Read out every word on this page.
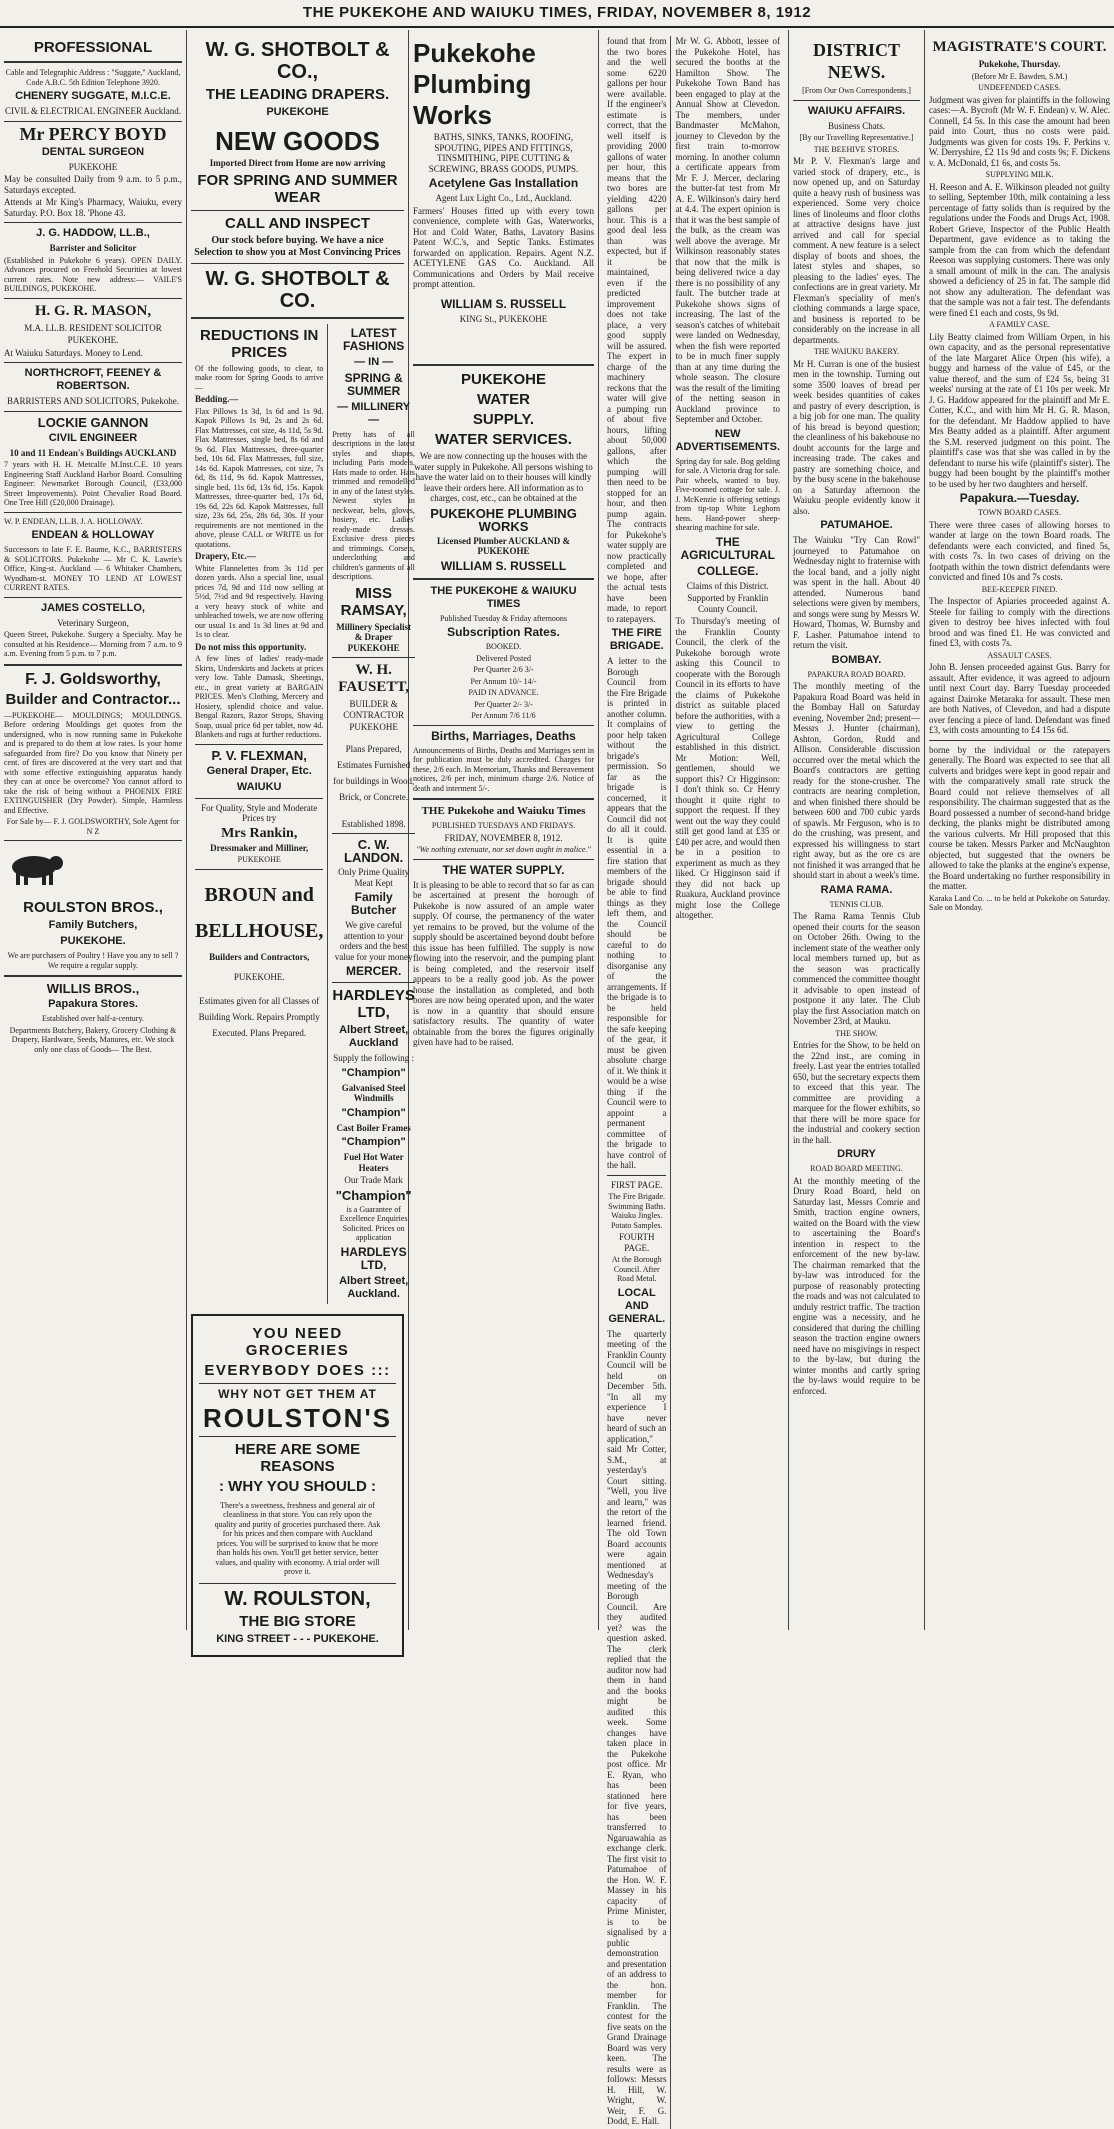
THE PUKEKOHE AND WAIUKU TIMES, FRIDAY, NOVEMBER 8, 1912
PROFESSIONAL
Cable and Telegraphic Address : "Suggate," Auckland, Code A.B.C. 5th Edition Telephone 3920.
CHENERY SUGGATE, M.I.C.E.
CIVIL & ELECTRICAL ENGINEER Auckland.
Mr PERCY BOYD
DENTAL SURGEON
PUKEKOHE
May be consulted Daily from 9 a.m. to 5 p.m., Saturdays excepted.
Attends at Mr King's Pharmacy, Waiuku, every Saturday. P.O. Box 18. 'Phone 43.
J. G. HADDOW, LL.B.,
Barrister and Solicitor
(Established in Pukekohe 6 years). OPEN DAILY. Advances procured on Freehold Securities at lowest current rates. Note new address:— VAILE'S BUILDINGS, PUKEKOHE.
H. G. R. MASON,
M.A. LL.B. RESIDENT SOLICITOR
PUKEKOHE.
At Waiuku Saturdays. Money to Lend.
NORTHCROFT, FEENEY & ROBERTSON.
BARRISTERS AND SOLICITORS, Pukekohe.
LOCKIE GANNON
CIVIL ENGINEER
10 and 11 Endean's Buildings AUCKLAND
7 years with H. H. Metcalfe M.Inst.C.E. 10 years Engineering Staff Auckland Harbor Board. Consulting Engineer: Newmarket Borough Council, (£33,000 Street Improvements). Point Chevalier Road Board. One Tree Hill (£20,000 Drainage).
W. P. ENDEAN, LL.B. J. A. HOLLOWAY.
ENDEAN & HOLLOWAY
Successors to late F. E. Baume, K.C., BARRISTERS & SOLICITORS. Pukekohe — Mr C. K. Lawrie's Office, King-st. Auckland — 6 Whitaker Chambers, Wyndham-st. MONEY TO LEND AT LOWEST CURRENT RATES.
JAMES COSTELLO,
Veterinary Surgeon,
Queen Street, Pukekohe. Surgery a Specialty. May be consulted at his Residence— Morning from 7 a.m. to 9 a.m. Evening from 5 p.m. to 7 p.m.
F. J. Goldsworthy,
Builder and Contractor...
—PUKEKOHE— MOULDINGS; MOULDINGS. Before ordering Mouldings get quotes from the undersigned, who is now running same in Pukekohe and is prepared to do them at low rates. Is your home safeguarded from fire? Do you know that Ninety per cent. of fires are discovered at the very start and that with some effective extinguishing apparatus handy they can at once be overcome? You cannot afford to take the risk of being without a PHOENIX FIRE EXTINGUISHER (Dry Powder). Simple, Harmless and Effective.
For Sale by— F. J. GOLDSWORTHY, Sole Agent for N Z
ROULSTON BROS.,
Family Butchers,
PUKEKOHE.
We are purchasers of Poultry ! Have you any to sell ? We require a regular supply.
WILLIS BROS.,
Papakura Stores.
Established over half-a-century.
Departments Butchery, Bakery, Grocery Clothing & Drapery, Hardware, Seeds, Manures, etc. We stock only one class of Goods— The Best.
W. G. SHOTBOLT & CO.,
THE LEADING DRAPERS.
PUKEKOHE
NEW GOODS
Imported Direct from Home are now arriving
FOR SPRING AND SUMMER WEAR
CALL AND INSPECT
Our stock before buying. We have a nice Selection to show you at Most Convincing Prices
W. G. SHOTBOLT & CO.
REDUCTIONS IN PRICES
Of the following goods, to clear, to make room for Spring Goods to arrive—
Bedding.—
Flax Pillows 1s 3d, 1s 6d and 1s 9d. Kapok Pillows 1s 9d, 2s and 2s 6d. Flax Mattresses, cot size, 4s 11d, 5s 9d. Flax Mattresses, single bed, 8s 6d and 9s 6d. Flax Mattresses, three-quarter bed, 10s 6d. Flax Mattresses, full size, 14s 6d. Kapok Mattresses, cot size, 7s 6d, 8s 11d, 9s 6d. Kapok Mattresses, single bed, 11s 6d, 13s 6d, 15s. Kapok Mattresses, three-quarter bed, 17s 6d, 19s 6d, 22s 6d. Kapok Mattresses, full size, 23s 6d, 25s, 28s 6d, 30s. If your requirements are not mentioned in the above, please CALL or WRITE us for quotations.
Drapery, Etc.—
White Flannelettes from 3s 11d per dozen yards. Also a special line, usual prices 7d, 9d and 11d now selling at 5½d, 7½d and 9d respectively. Having a very heavy stock of white and unbleached towels, we are now offering our usual 1s and 1s 3d lines at 9d and 1s to clear.
Do not miss this opportunity.
A few lines of ladies' ready-made Skirts, Underskirts and Jackets at prices very low. Table Damask, Sheetings, etc., in great variety at BARGAIN PRICES. Men's Clothing, Mercery and Hosiery, splendid choice and value. Bengal Razors, Razor Strops, Shaving Soap, usual price 6d per tablet, now 4d. Blankets and rugs at further reductions.
P. V. FLEXMAN,
General Draper, Etc.
WAIUKU
For Quality, Style and Moderate Prices try
Mrs Rankin,
Dressmaker and Milliner,
PUKEKOHE
BROUN and
BELLHOUSE,
Builders and Contractors,
PUKEKOHE.
Estimates given for all Classes of Building Work. Repairs Promptly Executed. Plans Prepared.
LATEST FASHIONS
— IN —
SPRING & SUMMER
— MILLINERY —
Pretty hats of all descriptions in the latest styles and shapes, including Paris models. Hats made to order. Hats trimmed and remodelled in any of the latest styles. Newest styles in neckwear, belts, gloves, hosiery, etc. Ladies' ready-made dresses. Exclusive dress pieces and trimmings. Corsets, underclothing and children's garments of all descriptions.
MISS RAMSAY,
Millinery Specialist & Draper PUKEKOHE
W. H. FAUSETT,
BUILDER & CONTRACTOR
PUKEKOHE
Plans Prepared, Estimates Furnished for buildings in Wood, Brick, or Concrete.
Established 1898.
C. W. LANDON.
Only Prime Quality Meat Kept
Family Butcher
We give careful attention to your orders and the best value for your money
MERCER.
HARDLEYS LTD,
Albert Street, Auckland
Supply the following :
"Champion"
Galvanised Steel Windmills
"Champion"
Cast Boiler Frames
"Champion"
Fuel Hot Water Heaters
Our Trade Mark
"Champion"
is a Guarantee of Excellence Enquiries Solicited. Prices on application
HARDLEYS LTD,
Albert Street, Auckland.
YOU NEED GROCERIES
EVERYBODY DOES :::
WHY NOT GET THEM AT
ROULSTON'S
HERE ARE SOME REASONS
: WHY YOU SHOULD :
There's a sweetness, freshness and general air of cleanliness in that store. You can rely upon the quality and purity of groceries purchased there. Ask for his prices and then compare with Auckland prices. You will be surprised to know that he more than holds his own. You'll get better service, better values, and quality with economy. A trial order will prove it.
W. ROULSTON,
THE BIG STORE
KING STREET - - - PUKEKOHE.
Pukekohe
Plumbing
Works
BATHS, SINKS, TANKS, ROOFING, SPOUTING, PIPES AND FITTINGS, TINSMITHING, PIPE CUTTING & SCREWING, BRASS GOODS, PUMPS.
Acetylene Gas Installation
Agent Lux Light Co., Ltd., Auckland.
Farmers' Houses fitted up with every town convenience, complete with Gas, Waterworks, Hot and Cold Water, Baths, Lavatory Basins Patent W.C.'s, and Septic Tanks. Estimates forwarded on application. Repairs. Agent N.Z. ACETYLENE GAS Co. Auckland. All Communications and Orders by Mail receive prompt attention.
WILLIAM S. RUSSELL
KING St., PUKEKOHE
PUKEKOHE
WATER
SUPPLY.
WATER SERVICES.
We are now connecting up the houses with the water supply in Pukekohe. All persons wishing to have the water laid on to their houses will kindly leave their orders here. All information as to charges, cost, etc., can be obtained at the
PUKEKOHE PLUMBING WORKS
Licensed Plumber AUCKLAND & PUKEKOHE
WILLIAM S. RUSSELL
THE PUKEKOHE & WAIUKU TIMES
Published Tuesday & Friday afternoons
Subscription Rates.
BOOKED.
Delivered Posted
Per Quarter 2/6 3/-
Per Annum 10/- 14/-
PAID IN ADVANCE.
Per Quarter 2/- 3/-
Per Annum 7/6 11/6
Births, Marriages, Deaths
Announcements of Births, Deaths and Marriages sent in for publication must be duly accredited. Charges for these, 2/6 each. In Memoriam, Thanks and Bereavement notices, 2/6 per inch, minimum charge 2/6. Notice of death and interment 5/-.
THE Pukekohe and Waiuku Times
PUBLISHED TUESDAYS AND FRIDAYS.
FRIDAY, NOVEMBER 8, 1912.
"We nothing extenuate, nor set down aught in malice."
THE WATER SUPPLY.
It is pleasing to be able to record that so far as can be ascertained at present the borough of Pukekohe is now assured of an ample water supply. Of course, the permanency of the water yet remains to be proved, but the volume of the supply should be ascertained beyond doubt before this issue has been fulfilled. The supply is now flowing into the reservoir, and the pumping plant is being completed, and the reservoir itself appears to be a really good job. As the power house the installation as completed, and both bores are now being operated upon, and the water is now in a quantity that should ensure satisfactory results. The quantity of water obtainable from the bores the figures originally given have had to be raised.
found that from the two bores and the well some 6220 gallons per hour were available. If the engineer's estimate is correct, that the well itself is providing 2000 gallons of water per hour, this means that the two bores are yielding 4220 gallons per hour. This is a good deal less than was expected, but if it be maintained, even if the predicted improvement does not take place, a very good supply will be assured. The expert in charge of the machinery reckons that the water will give a pumping run of about five hours, lifting about 50,000 gallons, after which the pumping will then need to be stopped for an hour, and then pump again. The contracts for Pukekohe's water supply are now practically completed and we hope, after the actual tests have been made, to report to ratepayers.
THE FIRE BRIGADE.
A letter to the Borough Council from the Fire Brigade is printed in another column. It complains of poor help taken without the brigade's permission. So far as the brigade is concerned, it appears that the Council did not do all it could. It is quite essential in a fire station that members of the brigade should be able to find things as they left them, and the Council should be careful to do nothing to disorganise any of the arrangements. If the brigade is to be held responsible for the safe keeping of the gear, it must be given absolute charge of it. We think it would be a wise thing if the Council were to appoint a permanent committee of the brigade to have control of the hall.
FIRST PAGE.
The Fire Brigade. Swimming Baths. Waiuku Jingles. Potato Samples.
FOURTH PAGE.
At the Borough Council. After Road Metal.
LOCAL AND GENERAL.
The quarterly meeting of the Franklin County Council will be held on December 5th. "In all my experience I have never heard of such an application," said Mr Cotter, S.M., at yesterday's Court sitting. "Well, you live and learn," was the retort of the learned friend. The old Town Board accounts were again mentioned at Wednesday's meeting of the Borough Council. Are they audited yet? was the question asked. The clerk replied that the auditor now had them in hand and the books might be audited this week. Some changes have taken place in the Pukekohe post office. Mr E. Ryan, who has been stationed here for five years, has been transferred to Ngaruawahia as exchange clerk. The first visit to Patumahoe of the Hon. W. F. Massey in his capacity of Prime Minister, is to be signalised by a public demonstration and presentation of an address to the hon. member for Franklin. The contest for the five seats on the Grand Drainage Board was very keen. The results were as follows: Messrs H. Hill, W. Wright, W. Weir, F. G. Dodd, E. Hall.
Mr W. G. Abbott, lessee of the Pukekohe Hotel, has secured the booths at the Hamilton Show. The Pukekohe Town Band has been engaged to play at the Annual Show at Clevedon. The members, under Bandmaster McMahon, journey to Clevedon by the first train to-morrow morning. In another column a certificate appears from Mr F. J. Mercer, declaring the butter-fat test from Mr A. E. Wilkinson's dairy herd at 4.4. The expert opinion is that it was the best sample of the bulk, as the cream was well above the average. Mr Wilkinson reasonably states that now that the milk is being delivered twice a day there is no possibility of any fault. The butcher trade at Pukekohe shows signs of increasing. The last of the season's catches of whitebait were landed on Wednesday, when the fish were reported to be in much finer supply than at any time during the whole season. The closure was the result of the limiting of the netting season in Auckland province to September and October.
NEW ADVERTISEMENTS.
Spring day for sale. Bog gelding for sale. A Victoria drag for sale. Pair wheels, wanted to buy. Five-roomed cottage for sale. J. J. McKenzie is offering settings from tip-top White Leghorn hens. Hand-power sheep-shearing machine for sale.
THE AGRICULTURAL
COLLEGE.
Claims of this District.
Supported by Franklin County Council.
To Thursday's meeting of the Franklin County Council, the clerk of the Pukekohe borough wrote asking this Council to cooperate with the Borough Council in its efforts to have the claims of Pukekohe district as suitable placed before the authorities, with a view to getting the Agricultural College established in this district. Mr Motion: Well, gentlemen, should we support this? Cr Higginson: I don't think so. Cr Henry thought it quite right to support the request. If they went out the way they could still get good land at £35 or £40 per acre, and would then be in a position to experiment as much as they liked. Cr Higginson said if they did not back up Ruakura, Auckland province might lose the College altogether.
DISTRICT NEWS.
[From Our Own Correspondents.]
WAIUKU AFFAIRS.
Business Chats.
[By our Travelling Representative.]
THE BEEHIVE STORES.
Mr P. V. Flexman's large and varied stock of drapery, etc., is now opened up, and on Saturday quite a heavy rush of business was experienced. Some very choice lines of linoleums and floor cloths at attractive designs have just arrived and call for special comment. A new feature is a select display of boots and shoes, the latest styles and shapes, so pleasing to the ladies' eyes. The confections are in great variety. Mr Flexman's speciality of men's clothing commands a large space, and business is reported to be considerably on the increase in all departments.
THE WAIUKU BAKERY.
Mr H. Curran is one of the busiest men in the township. Turning out some 3500 loaves of bread per week besides quantities of cakes and pastry of every description, is a big job for one man. The quality of his bread is beyond question; the cleanliness of his bakehouse no doubt accounts for the large and increasing trade. The cakes and pastry are something choice, and by the busy scene in the bakehouse on a Saturday afternoon the Waiuku people evidently know it also.
PATUMAHOE.
The Waiuku "Try Can Rowl" journeyed to Patumahoe on Wednesday night to fraternise with the local band, and a jolly night was spent in the hall. About 40 attended. Numerous band selections were given by members, and songs were sung by Messrs W. Howard, Thomas, W. Burnsby and F. Lasher. Patumahoe intend to return the visit.
BOMBAY.
PAPAKURA ROAD BOARD.
The monthly meeting of the Papakura Road Board was held in the Bombay Hall on Saturday evening, November 2nd; present—Messrs J. Hunter (chairman), Ashton, Gordon, Rudd and Allison. Considerable discussion occurred over the metal which the Board's contractors are getting ready for the stone-crusher. The contracts are nearing completion, and when finished there should be between 600 and 700 cubic yards of spawls. Mr Ferguson, who is to do the crushing, was present, and expressed his willingness to start right away, but as the ore cs are not finished it was arranged that he should start in about a week's time.
RAMA RAMA.
TENNIS CLUB.
The Rama Rama Tennis Club opened their courts for the season on October 26th. Owing to the inclement state of the weather only local members turned up, but as the season was practically commenced the committee thought it advisable to open instead of postpone it any later. The Club play the first Association match on November 23rd, at Mauku.
THE SHOW.
Entries for the Show, to be held on the 22nd inst., are coming in freely. Last year the entries totalled 650, but the secretary expects them to exceed that this year. The committee are providing a marquee for the flower exhibits, so that there will be more space for the industrial and cookery section in the hall.
DRURY
ROAD BOARD MEETING.
At the monthly meeting of the Drury Road Board, held on Saturday last, Messrs Comrie and Smith, traction engine owners, waited on the Board with the view to ascertaining the Board's intention in respect to the enforcement of the new by-law. The chairman remarked that the by-law was introduced for the purpose of reasonably protecting the roads and was not calculated to unduly restrict traffic. The traction engine was a necessity, and he considered that during the chilling season the traction engine owners need have no misgivings in respect to the by-law, but during the winter months and cartly spring the by-laws would require to be enforced.
MAGISTRATE'S COURT.
Pukekohe, Thursday.
(Before Mr E. Bawden, S.M.)
UNDEFENDED CASES.
Judgment was given for plaintiffs in the following cases:—A. Bycroft (Mr W. F. Endean) v. W. Alec. Connell, £4 5s. In this case the amount had been paid into Court, thus no costs were paid. Judgments was given for costs 19s. F. Perkins v. W. Derryshire, £2 11s 9d and costs 9s; F. Dickens v. A. McDonald, £1 6s, and costs 5s.
SUPPLYING MILK.
H. Reeson and A. E. Wilkinson pleaded not guilty to selling, September 10th, milk containing a less percentage of fatty solids than is required by the regulations under the Foods and Drugs Act, 1908. Robert Grieve, Inspector of the Public Health Department, gave evidence as to taking the sample from the can from which the defendant Reeson was supplying customers. There was only a small amount of milk in the can. The analysis showed a deficiency of 25 in fat. The sample did not show any adulteration. The defendant was that the sample was not a fair test. The defendants were fined £1 each and costs, 9s 9d.
A FAMILY CASE.
Lily Beatty claimed from William Orpen, in his own capacity, and as the personal representative of the late Margaret Alice Orpen (his wife), a buggy and harness of the value of £45, or the value thereof, and the sum of £24 5s, being 31 weeks' nursing at the rate of £1 10s per week. Mr J. G. Haddow appeared for the plaintiff and Mr E. Cotter, K.C., and with him Mr H. G. R. Mason, for the defendant. Mr Haddow applied to have Mrs Beatty added as a plaintiff. After argument the S.M. reserved judgment on this point. The plaintiff's case was that she was called in by the defendant to nurse his wife (plaintiff's sister). The buggy had been bought by the plaintiff's mother to be used by her two daughters and herself.
Papakura.—Tuesday.
TOWN BOARD CASES.
There were three cases of allowing horses to wander at large on the town Board roads. The defendants were each convicted, and fined 5s, with costs 7s. In two cases of driving on the footpath within the town district defendants were convicted and fined 10s and 7s costs.
BEE-KEEPER FINED.
The Inspector of Apiaries proceeded against A. Steele for failing to comply with the directions given to destroy bee hives infected with foul brood and was fined £1. He was convicted and fined £3, with costs 7s.
ASSAULT CASES.
John B. Jensen proceeded against Gus. Barry for assault. After evidence, it was agreed to adjourn until next Court day. Barry Tuesday proceeded against Dairoke Metaraka for assault. These men are both Natives, of Clevedon, and had a dispute over fencing a piece of land. Defendant was fined £3, with costs amounting to £4 15s 6d.
borne by the individual or the ratepayers generally. The Board was expected to see that all culverts and bridges were kept in good repair and with the comparatively small rate struck the Board could not relieve themselves of all responsibility. The chairman suggested that as the Board possessed a number of second-hand bridge decking, the planks might be distributed among the various culverts. Mr Hill proposed that this course be taken. Messrs Parker and McNaughton objected, but suggested that the owners be allowed to take the planks at the engine's expense, the Board undertaking no further responsibility in the matter.
Karaka Land Co. ... to be held at Pukekohe on Saturday. Sale on Monday.
